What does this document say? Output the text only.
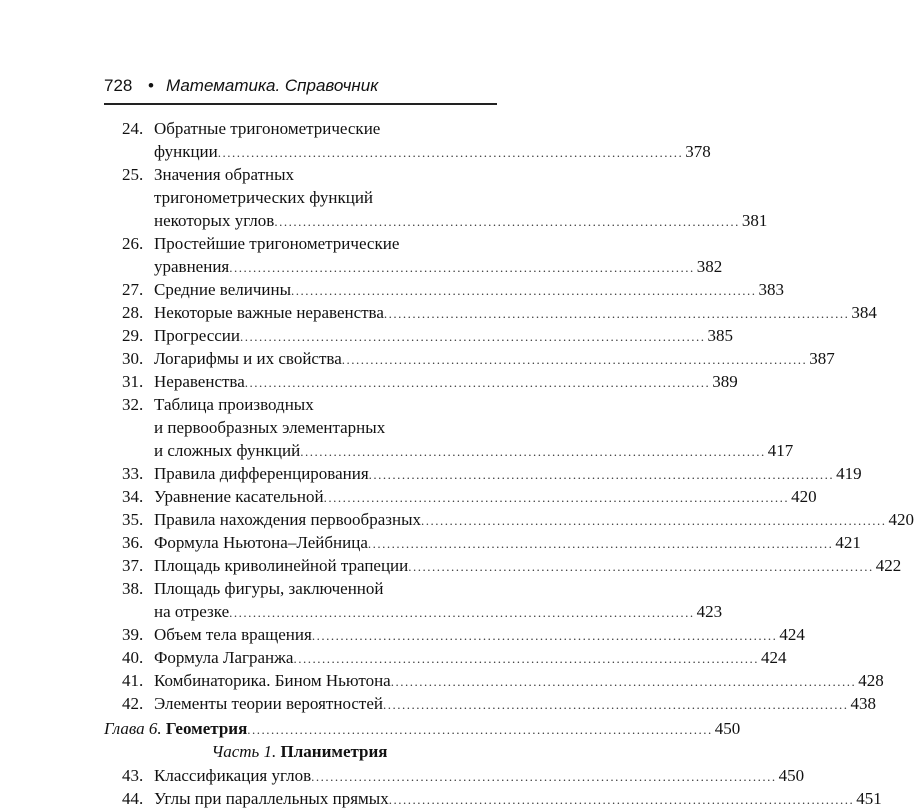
728 • Математика. Справочник
24. Обратные тригонометрические
функции .................................................................................................. 378
25. Значения обратных
тригонометрических функций
некоторых углов .................................................................................................. 381
26. Простейшие тригонометрические
уравнения .................................................................................................. 382
27. Средние величины .................................................................................................. 383
28. Некоторые важные неравенства .................................................................................................. 384
29. Прогрессии .................................................................................................. 385
30. Логарифмы и их свойства .................................................................................................. 387
31. Неравенства .................................................................................................. 389
32. Таблица производных
и первообразных элементарных
и сложных функций .................................................................................................. 417
33. Правила дифференцирования .................................................................................................. 419
34. Уравнение касательной .................................................................................................. 420
35. Правила нахождения первообразных .................................................................................................. 420
36. Формула Ньютона–Лейбница .................................................................................................. 421
37. Площадь криволинейной трапеции .................................................................................................. 422
38. Площадь фигуры, заключенной
на отрезке .................................................................................................. 423
39. Объем тела вращения .................................................................................................. 424
40. Формула Лагранжа .................................................................................................. 424
41. Комбинаторика. Бином Ньютона .................................................................................................. 428
42. Элементы теории вероятностей .................................................................................................. 438
Глава 6. Геометрия .................................................................................................. 450
Часть 1. Планиметрия
43. Классификация углов .................................................................................................. 450
44. Углы при параллельных прямых .................................................................................................. 451
